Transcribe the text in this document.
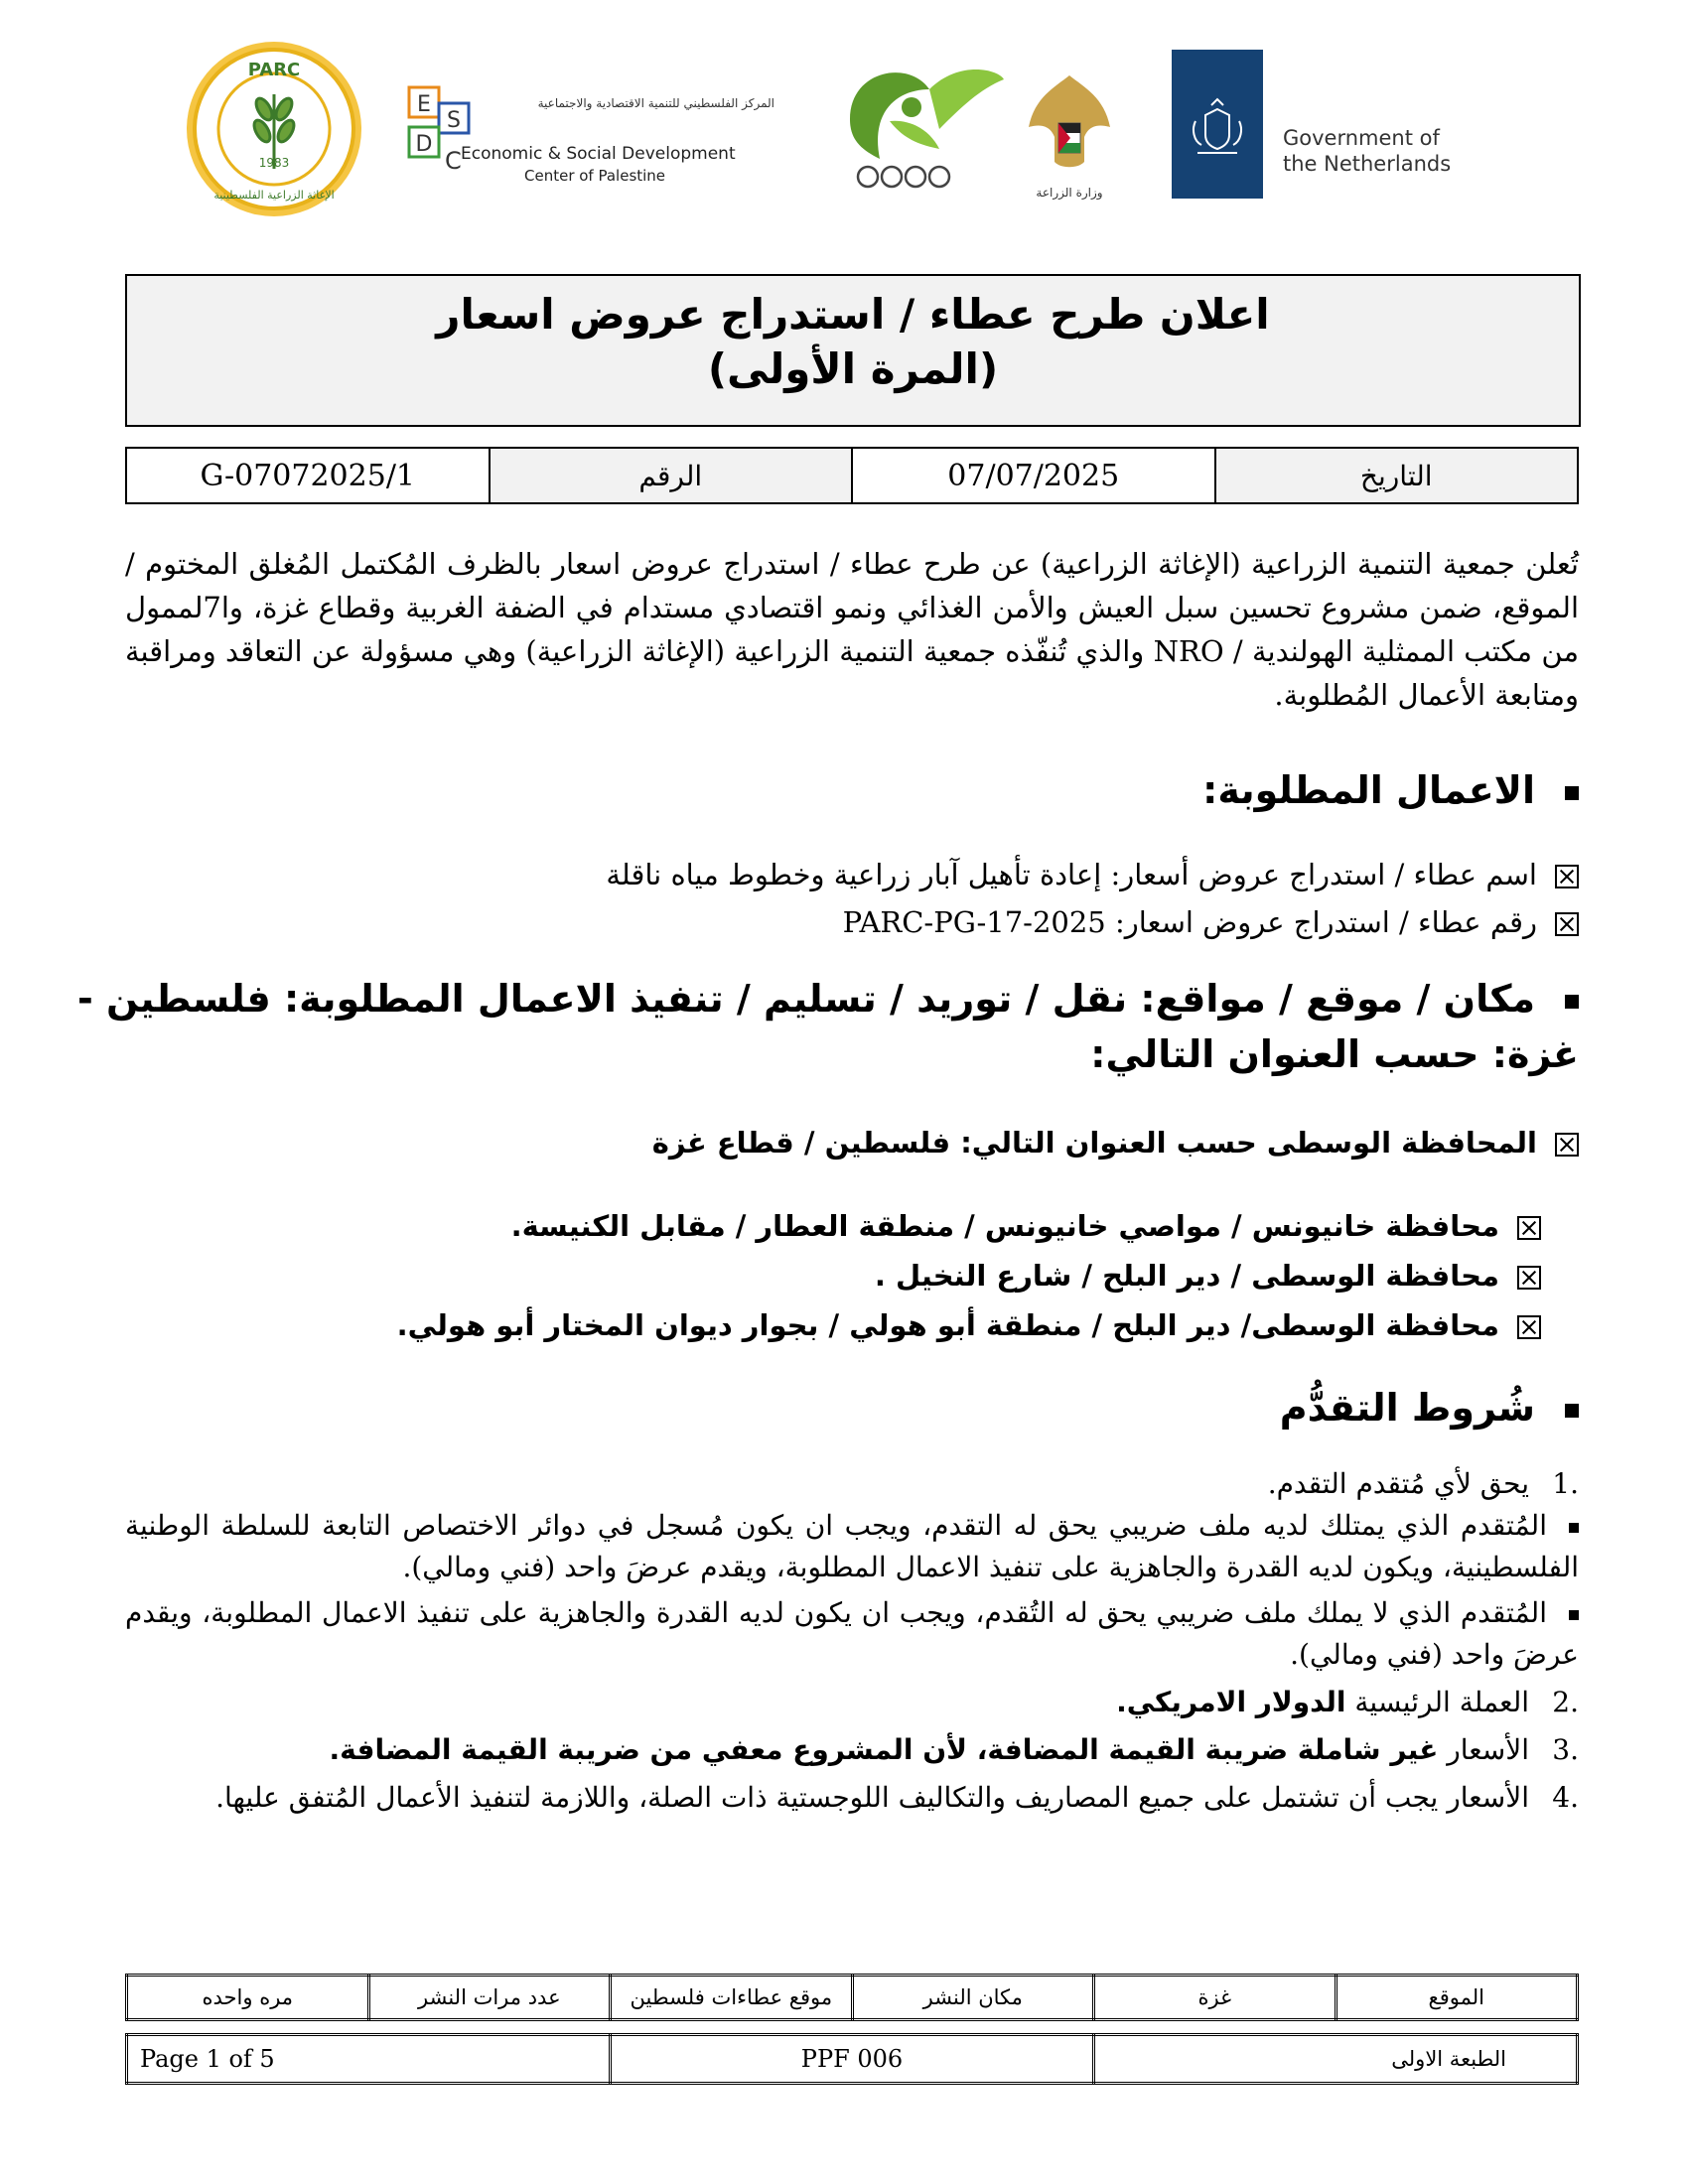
PARC
1983
الإغاثة الزراعية الفلسطينية
E
S
D
C
المركز الفلسطيني للتنمية الاقتصادية والاجتماعية
Economic & Social Development
Center of Palestine
وزارة الزراعة
Government of
the Netherlands
اعلان طرح عطاء / استدراج عروض اسعار
(المرة الأولى)
التاريخ	07/07/2025	الرقم	G-07072025/1
تُعلن جمعية التنمية الزراعية (الإغاثة الزراعية) عن طرح عطاء / استدراج عروض اسعار بالظرف المُكتمل المُغلق المختوم / الموقع، ضمن مشروع تحسين سبل العيش والأمن الغذائي ونمو اقتصادي مستدام في الضفة الغربية وقطاع غزة، وا7لممول من مكتب الممثلية الهولندية / NRO والذي تُنفّذه جمعية التنمية الزراعية (الإغاثة الزراعية) وهي مسؤولة عن التعاقد ومراقبة ومتابعة الأعمال المُطلوبة.
الاعمال المطلوبة:
اسم عطاء / استدراج عروض أسعار: إعادة تأهيل آبار زراعية وخطوط مياه ناقلة
رقم عطاء / استدراج عروض اسعار: PARC-PG-17-2025
مكان / موقع / مواقع: نقل / توريد / تسليم / تنفيذ الاعمال المطلوبة: فلسطين -
غزة: حسب العنوان التالي:
المحافظة الوسطى حسب العنوان التالي: فلسطين / قطاع غزة
محافظة خانيونس / مواصي خانيونس / منطقة العطار / مقابل الكنيسة.
محافظة الوسطى / دير البلح / شارع النخيل .
محافظة الوسطى/ دير البلح / منطقة أبو هولي / بجوار ديوان المختار أبو هولي.
شُروط التقدُّم
.1يحق لأي مُتقدم التقدم.
المُتقدم الذي يمتلك لديه ملف ضريبي يحق له التقدم، ويجب ان يكون مُسجل في دوائر الاختصاص التابعة للسلطة الوطنية الفلسطينية، ويكون لديه القدرة والجاهزية على تنفيذ الاعمال المطلوبة، ويقدم عرضَ واحد (فني ومالي).
المُتقدم الذي لا يملك ملف ضريبي يحق له التُقدم، ويجب ان يكون لديه القدرة والجاهزية على تنفيذ الاعمال المطلوبة، ويقدم عرضَ واحد (فني ومالي).
.2العملة الرئيسية الدولار الامريكي.
.3الأسعار غير شاملة ضريبة القيمة المضافة، لأن المشروع معفي من ضريبة القيمة المضافة.
.4الأسعار يجب أن تشتمل على جميع المصاريف والتكاليف اللوجستية ذات الصلة، واللازمة لتنفيذ الأعمال المُتفق عليها.
الموقع	غزة	مكان النشر	موقع عطاءات فلسطين	عدد مرات النشر	مره واحده
الطبعة الاولى	PPF 006	Page 1 of 5
